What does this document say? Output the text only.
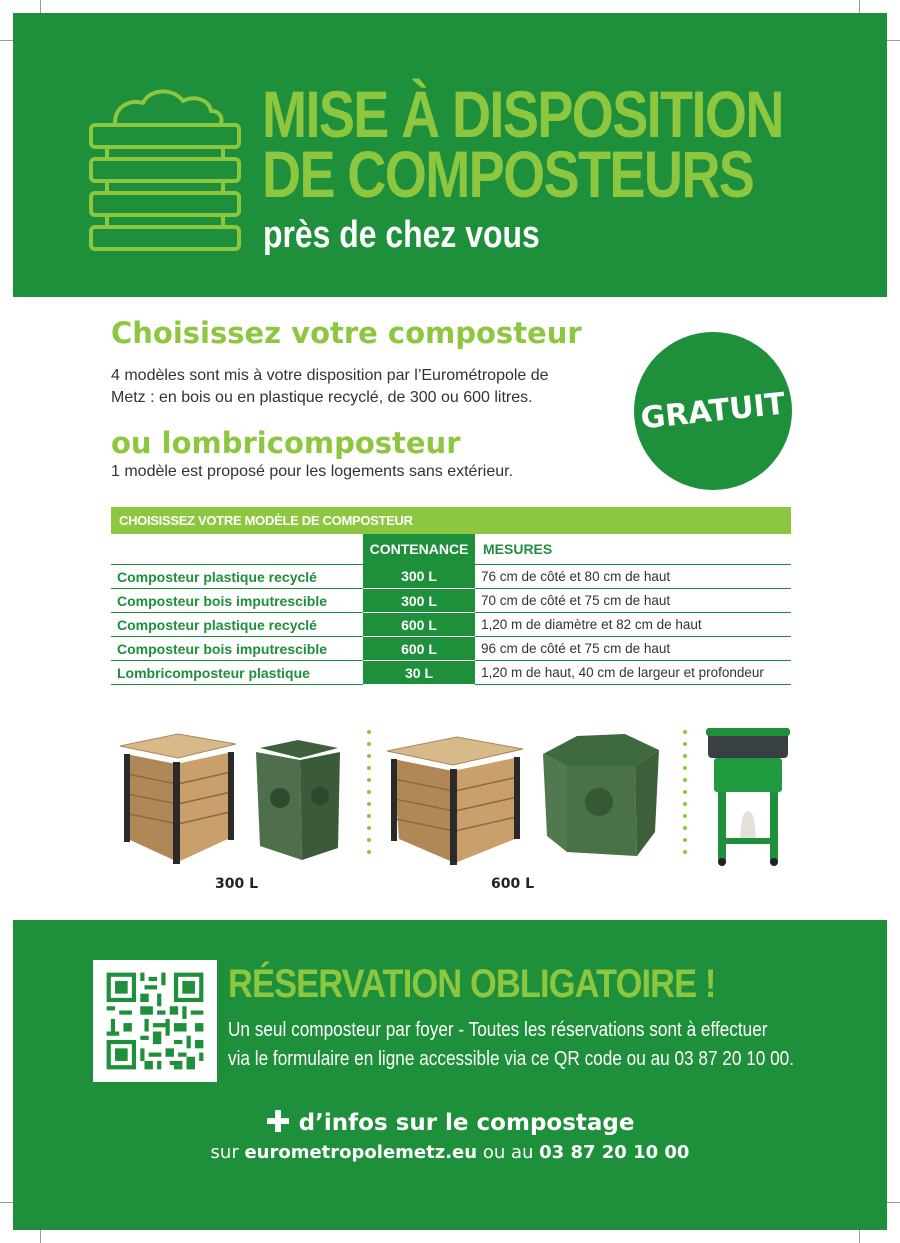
MISE À DISPOSITION
DE COMPOSTEURS
près de chez vous
Choisissez votre composteur
4 modèles sont mis à votre disposition par l’Eurométropole de
Metz : en bois ou en plastique recyclé, de 300 ou 600 litres.
ou lombricomposteur
1 modèle est proposé pour les logements sans extérieur.
GRATUIT
CHOISISSEZ VOTRE MODÈLE DE COMPOSTEUR
	CONTENANCE	MESURES
Composteur plastique recyclé	300 L	76 cm de côté et 80 cm de haut
Composteur bois imputrescible	300 L	70 cm de côté et 75 cm de haut
Composteur plastique recyclé	600 L	1,20 m de diamètre et 82 cm de haut
Composteur bois imputrescible	600 L	96 cm de côté et 75 cm de haut
Lombricomposteur plastique	30 L	1,20 m de haut, 40 cm de largeur et profondeur
300 L	600 L
RÉSERVATION OBLIGATOIRE !
Un seul composteur par foyer - Toutes les réservations sont à effectuer
via le formulaire en ligne accessible via ce QR code ou au 03 87 20 10 00.
✚ d’infos sur le compostage
sur eurometropolemetz.eu ou au 03 87 20 10 00
